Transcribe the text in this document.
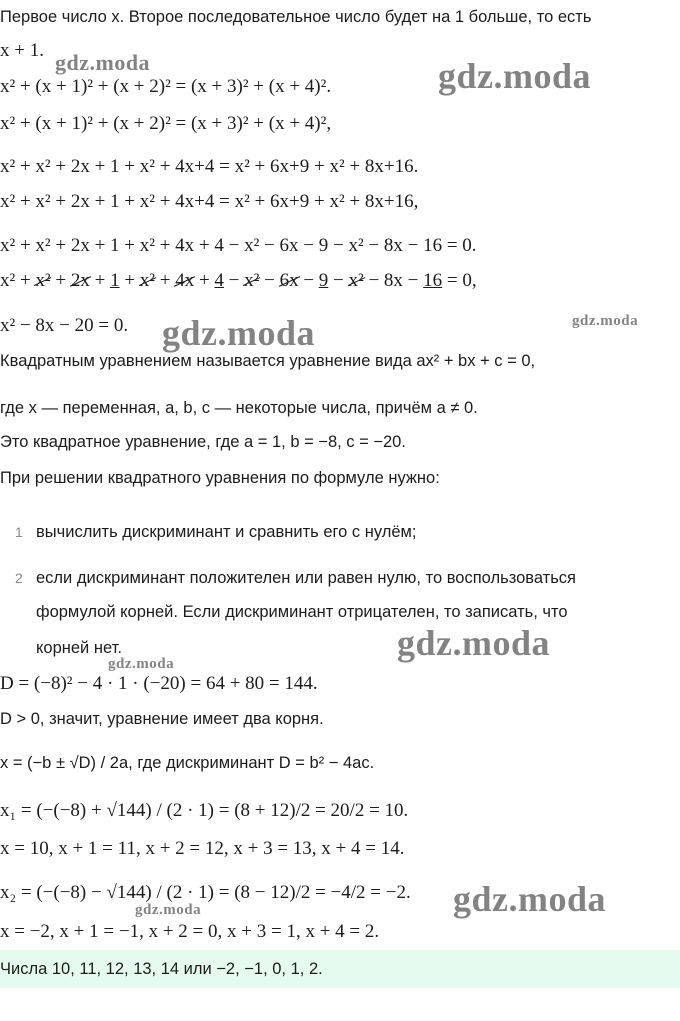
Первое число x. Второе последовательное число будет на 1 больше, то есть
x + 1.
x² + (x + 1)² + (x + 2)² = (x + 3)² + (x + 4)².
x² + (x + 1)² + (x + 2)² = (x + 3)² + (x + 4)²,
x² + x² + 2x + 1 + x² + 4x+4 = x² + 6x+9 + x² + 8x+16.
x² + x² + 2x + 1 + x² + 4x+4 = x² + 6x+9 + x² + 8x+16,
x² + x² + 2x + 1 + x² + 4x + 4 − x² − 6x − 9 − x² − 8x − 16 = 0.
x² + x² + 2x + 1 + x² + 4x + 4 − x² − 6x − 9 − x² − 8x − 16 = 0,
x² − 8x − 20 = 0.
Квадратным уравнением называется уравнение вида ax² + bx + c = 0,
где x — переменная, a, b, c — некоторые числа, причём a ≠ 0.
Это квадратное уравнение, где a = 1, b = −8, c = −20.
При решении квадратного уравнения по формуле нужно:
1 вычислить дискриминант и сравнить его с нулём;
2 если дискриминант положителен или равен нулю, то воспользоваться
формулой корней. Если дискриминант отрицателен, то записать, что
корней нет.
D = (−8)² − 4 · 1 · (−20) = 64 + 80 = 144.
D > 0, значит, уравнение имеет два корня.
x = (−b ± √D) / 2a, где дискриминант D = b² − 4ac.
x₁ = (−(−8) + √144) / (2 · 1) = (8 + 12)/2 = 20/2 = 10.
x = 10, x + 1 = 11, x + 2 = 12, x + 3 = 13, x + 4 = 14.
x₂ = (−(−8) − √144) / (2 · 1) = (8 − 12)/2 = −4/2 = −2.
x = −2, x + 1 = −1, x + 2 = 0, x + 3 = 1, x + 4 = 2.
Числа 10, 11, 12, 13, 14 или −2, −1, 0, 1, 2.
gdz.moda	gdz.moda
gdz.moda	gdz.moda
gdz.moda
gdz.moda
gdz.moda
gdz.moda
